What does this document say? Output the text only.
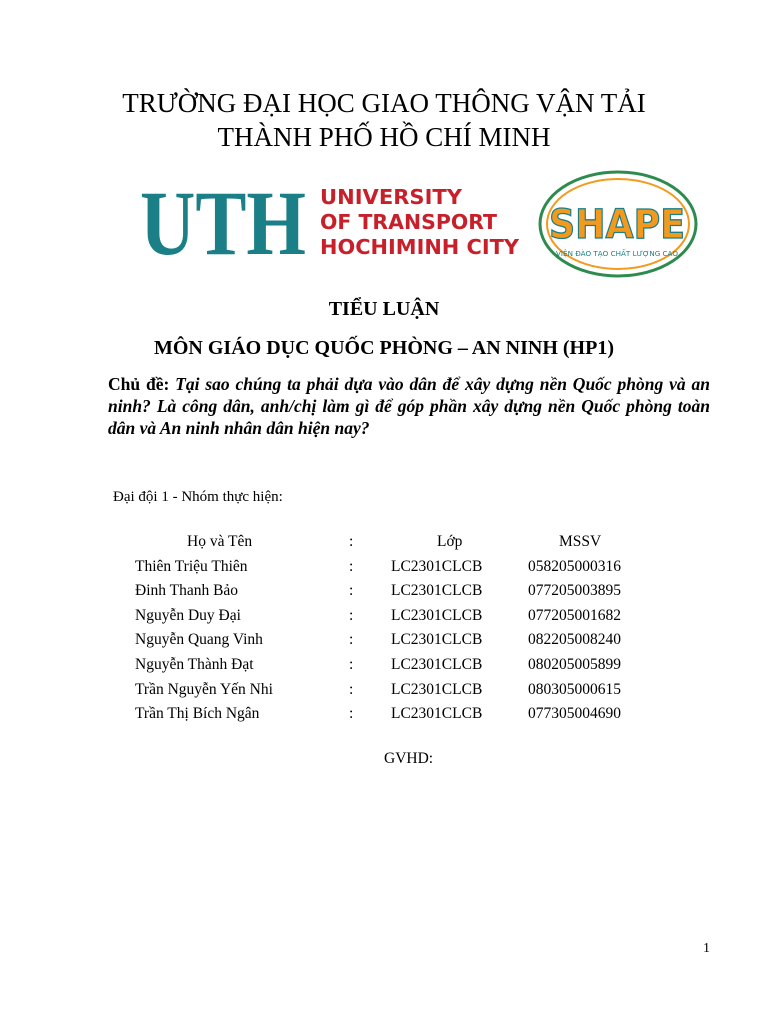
TRƯỜNG ĐẠI HỌC GIAO THÔNG VẬN TẢI
THÀNH PHỐ HỒ CHÍ MINH
UTH UNIVERSITY
OF TRANSPORT
HOCHIMINH CITY SHAPE
VIỆN ĐÀO TẠO CHẤT LƯỢNG CAO
TIỂU LUẬN
MÔN GIÁO DỤC QUỐC PHÒNG – AN NINH (HP1)
Chủ đề: Tại sao chúng ta phải dựa vào dân để xây dựng nền Quốc phòng và an ninh? Là công dân, anh/chị làm gì để góp phần xây dựng nền Quốc phòng toàn dân và An ninh nhân dân hiện nay?
Đại đội 1 - Nhóm thực hiện:
Họ và Tên	:	Lớp	MSSV
Thiên Triệu Thiên	: LC2301CLCB	058205000316
Đinh Thanh Bảo	: LC2301CLCB	077205003895
Nguyễn Duy Đại	: LC2301CLCB	077205001682
Nguyễn Quang Vinh	: LC2301CLCB	082205008240
Nguyễn Thành Đạt	: LC2301CLCB	080205005899
Trần Nguyễn Yến Nhi	: LC2301CLCB	080305000615
Trần Thị Bích Ngân	: LC2301CLCB	077305004690
GVHD:
1
